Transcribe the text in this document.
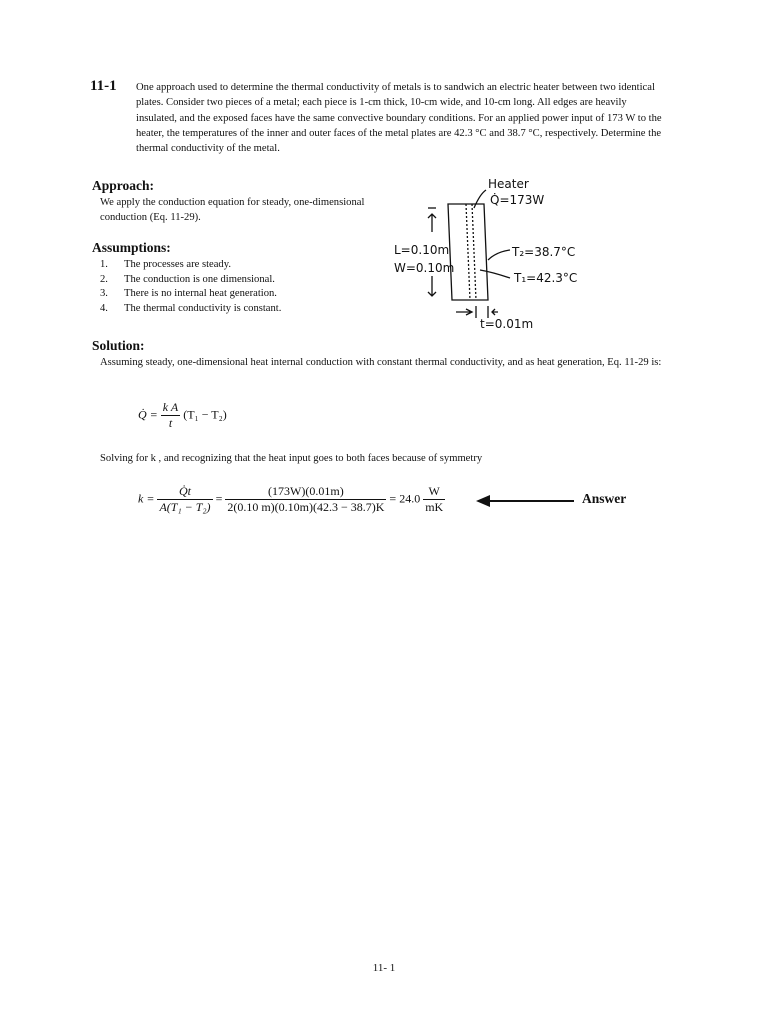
11-1 One approach used to determine the thermal conductivity of metals is to sandwich an electric heater between two identical plates. Consider two pieces of a metal; each piece is 1-cm thick, 10-cm wide, and 10-cm long. All edges are heavily insulated, and the exposed faces have the same convective boundary conditions. For an applied power input of 173 W to the heater, the temperatures of the inner and outer faces of the metal plates are 42.3 °C and 38.7 °C, respectively. Determine the thermal conductivity of the metal.
Approach:
We apply the conduction equation for steady, one-dimensional conduction (Eq. 11-29).
Assumptions:
1.	The processes are steady.
2.	The conduction is one dimensional.
3.	There is no internal heat generation.
4.	The thermal conductivity is constant.
Heater
Q̇=173W
L=0.10m
W=0.10m
T₂=38.7°C
T₁=42.3°C
t=0.01m
Solution:
Assuming steady, one-dimensional heat internal conduction with constant thermal conductivity, and as heat generation, Eq. 11-29 is:
Q̇ = $\frac{\text{k A}}{t} (T_1 - T_2)$
Solving for k , and recognizing that the heat input goes to both faces because of symmetry
$k = \frac{Q̇t}{\text{A(T₁ − T₂)}} = \frac{(173W)(0.01m)}{2(0.10 m)(0.10m)(42.3 - 38.7)K} = 24.0 \frac{W}{mK}$	Answer
11- 1
